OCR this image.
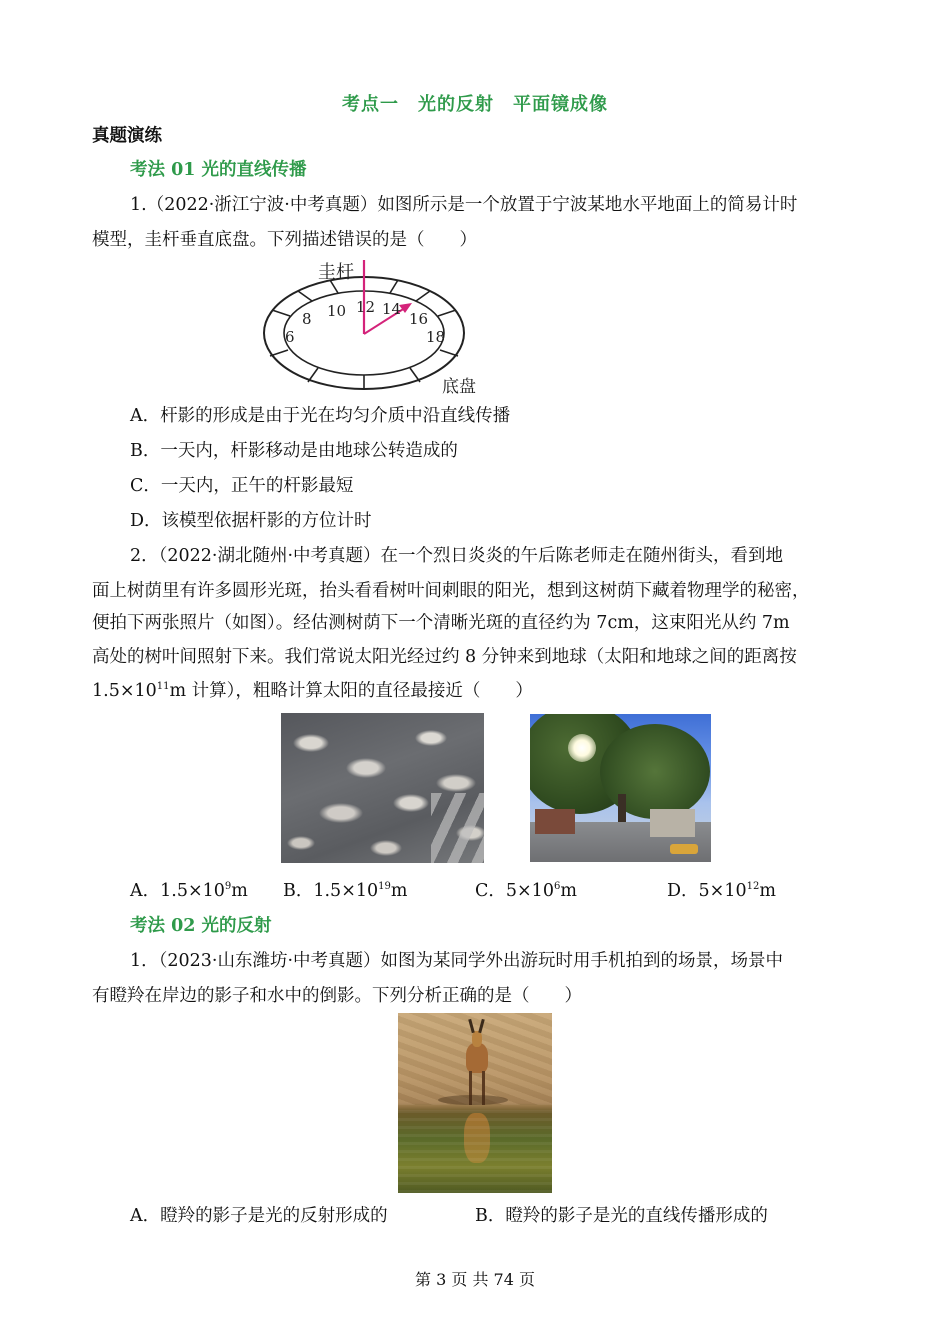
考点一　光的反射　平面镜成像
真题演练
考法 01 光的直线传播
1.（2022·浙江宁波·中考真题）如图所示是一个放置于宁波某地水平地面上的简易计时
模型，圭杆垂直底盘。下列描述错误的是（　　）
6
8 10 12 14
16
18
圭杆
底盘
A．杆影的形成是由于光在均匀介质中沿直线传播
B．一天内，杆影移动是由地球公转造成的
C．一天内，正午的杆影最短
D．该模型依据杆影的方位计时
2．（2022·湖北随州·中考真题）在一个烈日炎炎的午后陈老师走在随州街头，看到地
面上树荫里有许多圆形光斑，抬头看看树叶间刺眼的阳光，想到这树荫下藏着物理学的秘密，
便拍下两张照片（如图）。经估测树荫下一个清晰光斑的直径约为 7cm，这束阳光从约 7m
高处的树叶间照射下来。我们常说太阳光经过约 8 分钟来到地球（太阳和地球之间的距离按
$1.5\times 10^{11}m$ 计算），粗略计算太阳的直径最接近（　　）
A．$1.5\times 10^9m$ B．$1.5\times 10^{19}m$	C．$5\times 10^6m$	D．$5\times 10^{12}m$
考法 02 光的反射
1．（2023·山东潍坊·中考真题）如图为某同学外出游玩时用手机拍到的场景，场景中
有瞪羚在岸边的影子和水中的倒影。下列分析正确的是（　　）
A．瞪羚的影子是光的反射形成的	B．瞪羚的影子是光的直线传播形成的
第 3 页 共 74 页
